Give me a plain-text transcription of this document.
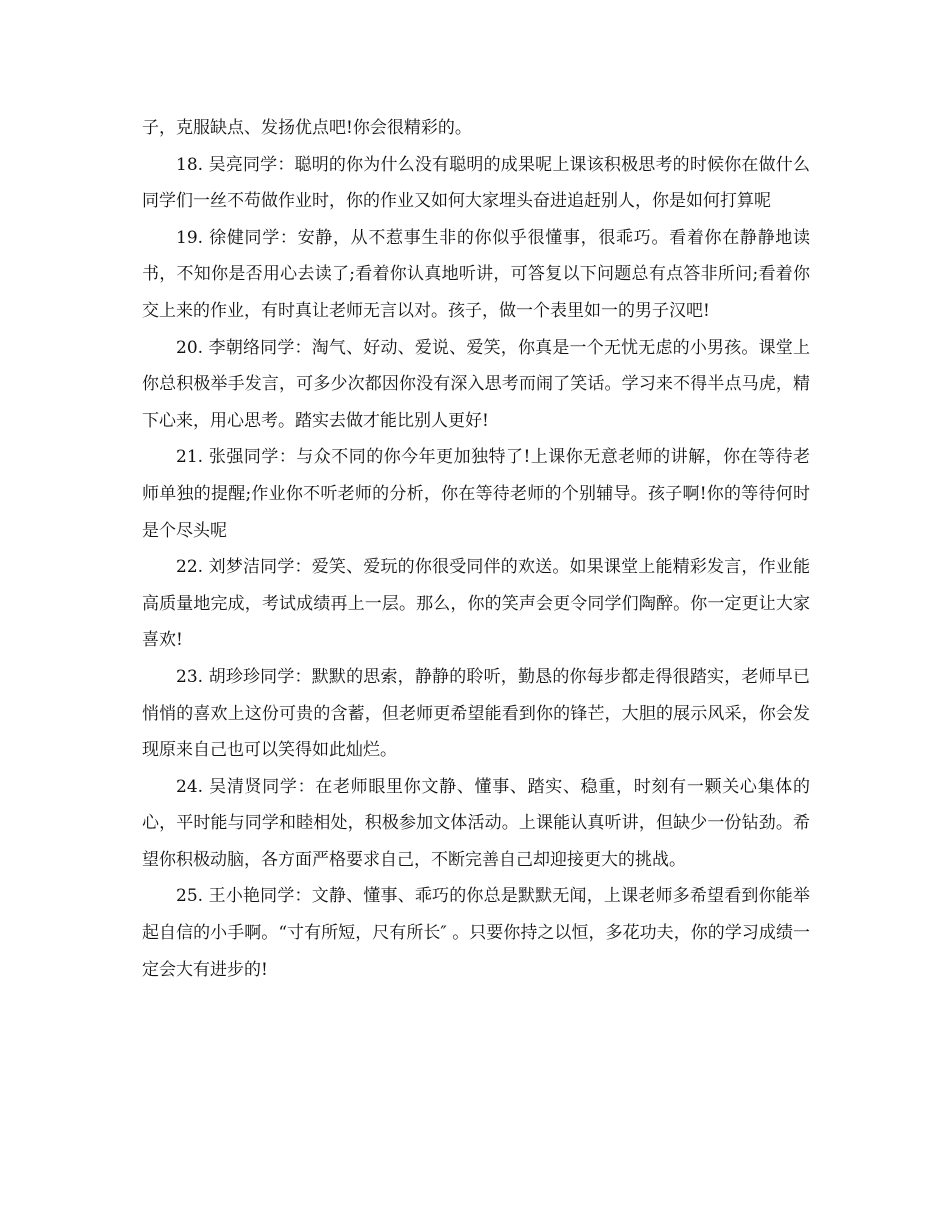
子，克服缺点、发扬优点吧!你会很精彩的。

18. 吴亮同学：聪明的你为什么没有聪明的成果呢上课该积极思考的时候你在做什么同学们一丝不苟做作业时，你的作业又如何大家埋头奋进追赶别人，你是如何打算呢

19. 徐健同学：安静，从不惹事生非的你似乎很懂事，很乖巧。看着你在静静地读书，不知你是否用心去读了;看着你认真地听讲，可答复以下问题总有点答非所问;看着你交上来的作业，有时真让老师无言以对。孩子，做一个表里如一的男子汉吧!

20. 李朝络同学：淘气、好动、爱说、爱笑，你真是一个无忧无虑的小男孩。课堂上你总积极举手发言，可多少次都因你没有深入思考而闹了笑话。学习来不得半点马虎，精下心来，用心思考。踏实去做才能比别人更好!

21. 张强同学：与众不同的你今年更加独特了!上课你无意老师的讲解，你在等待老师单独的提醒;作业你不听老师的分析，你在等待老师的个别辅导。孩子啊!你的等待何时是个尽头呢

22. 刘梦洁同学：爱笑、爱玩的你很受同伴的欢送。如果课堂上能精彩发言，作业能高质量地完成，考试成绩再上一层。那么，你的笑声会更令同学们陶醉。你一定更让大家喜欢!

23. 胡珍珍同学：默默的思索，静静的聆听，勤恳的你每步都走得很踏实，老师早已悄悄的喜欢上这份可贵的含蓄，但老师更希望能看到你的锋芒，大胆的展示风采，你会发现原来自己也可以笑得如此灿烂。

24. 吴清贤同学：在老师眼里你文静、懂事、踏实、稳重，时刻有一颗关心集体的心，平时能与同学和睦相处，积极参加文体活动。上课能认真听讲，但缺少一份钻劲。希望你积极动脑，各方面严格要求自己，不断完善自己却迎接更大的挑战。

25. 王小艳同学：文静、懂事、乖巧的你总是默默无闻，上课老师多希望看到你能举起自信的小手啊。“寸有所短，尺有所长″ 。只要你持之以恒，多花功夫，你的学习成绩一定会大有进步的!
